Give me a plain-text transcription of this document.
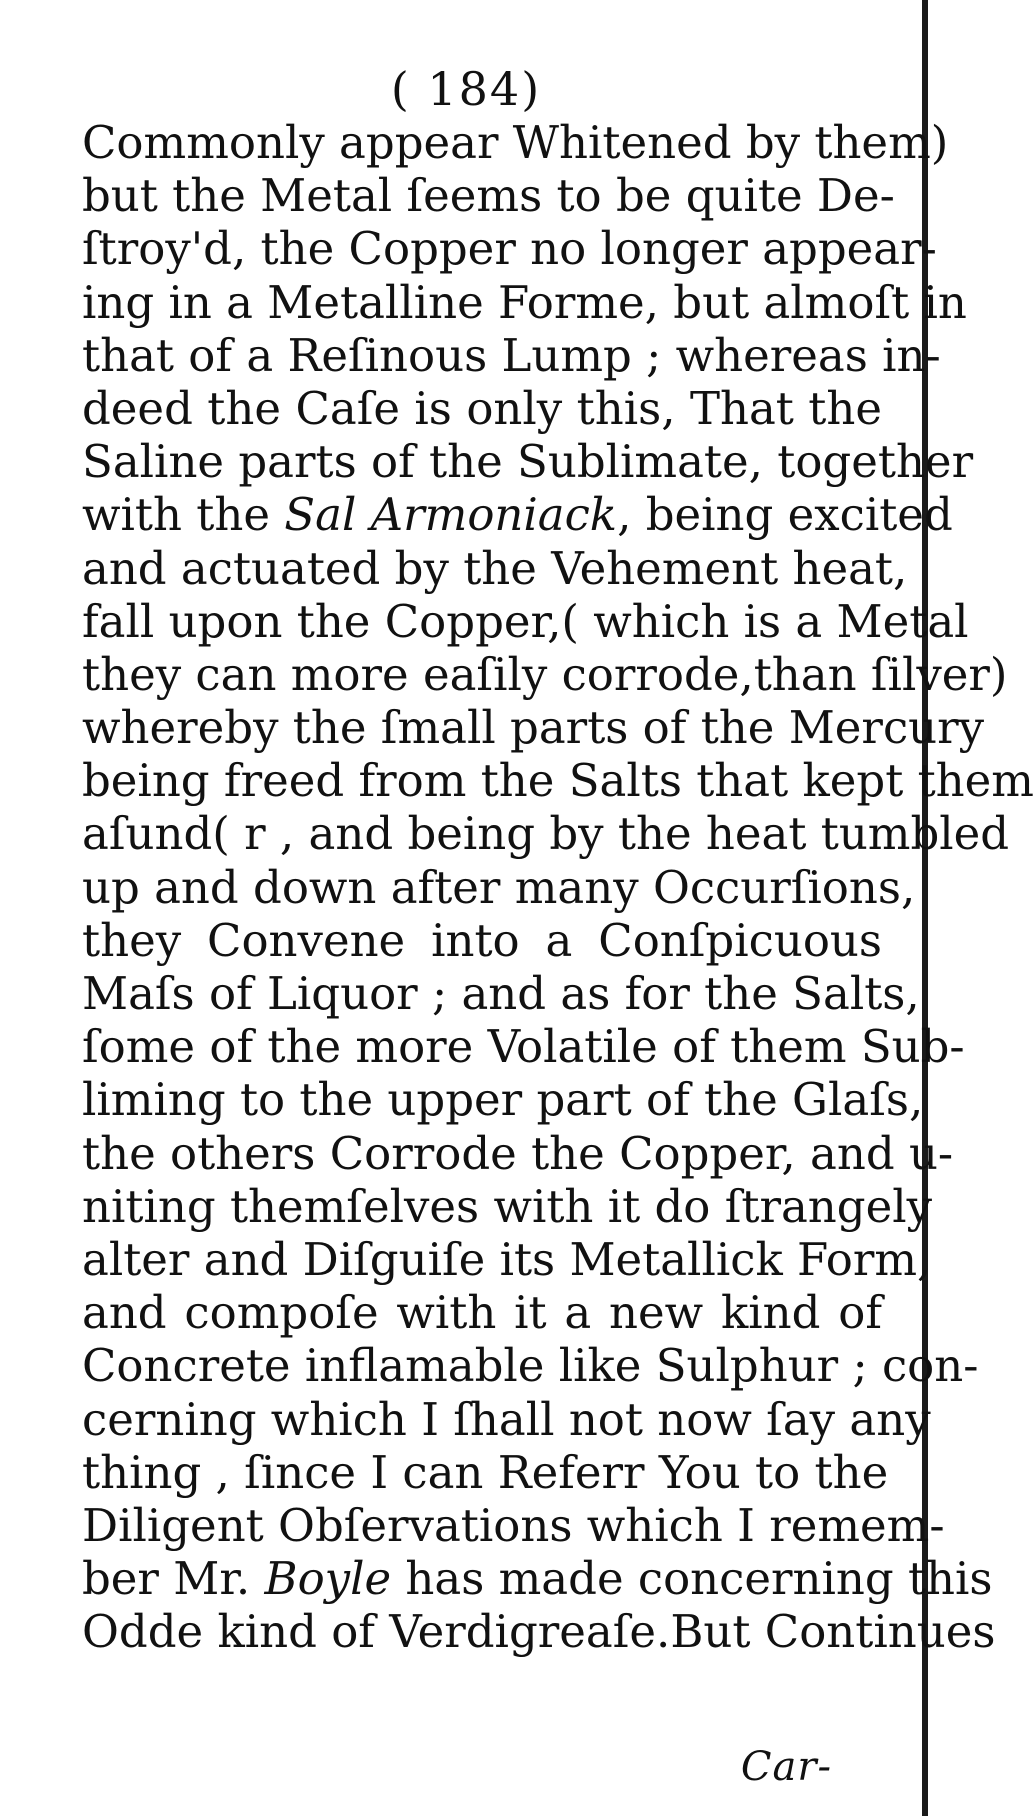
( 184)
Commonly appear Whitened by them)
but the Metal ſeems to be quite De-
ſtroy'd, the Copper no longer appear-
ing in a Metalline Forme, but almoſt in
that of a Reſinous Lump ; whereas in-
deed the Caſe is only this, That the
Saline parts of the Sublimate, together
with the Sal Armoniack, being excited
and actuated by the Vehement heat,
fall upon the Copper,( which is a Metal
they can more eaſily corrode,than ſilver)
whereby the ſmall parts of the Mercury
being freed from the Salts that kept them
aſund( r , and being by the heat tumbled
up and down after many Occurſions,
they Convene into a Conſpicuous
Maſs of Liquor ; and as for the Salts,
ſome of the more Volatile of them Sub-
liming to the upper part of the Glaſs,
the others Corrode the Copper, and u-
niting themſelves with it do ſtrangely
alter and Diſguiſe its Metallick Form,
and compoſe with it a new kind of
Concrete inflamable like Sulphur ; con-
cerning which I ſhall not now ſay any
thing , ſince I can Referr You to the
Diligent Obſervations which I remem-
ber Mr. Boyle has made concerning this
Odde kind of Verdigreaſe.But Continues
Car-
